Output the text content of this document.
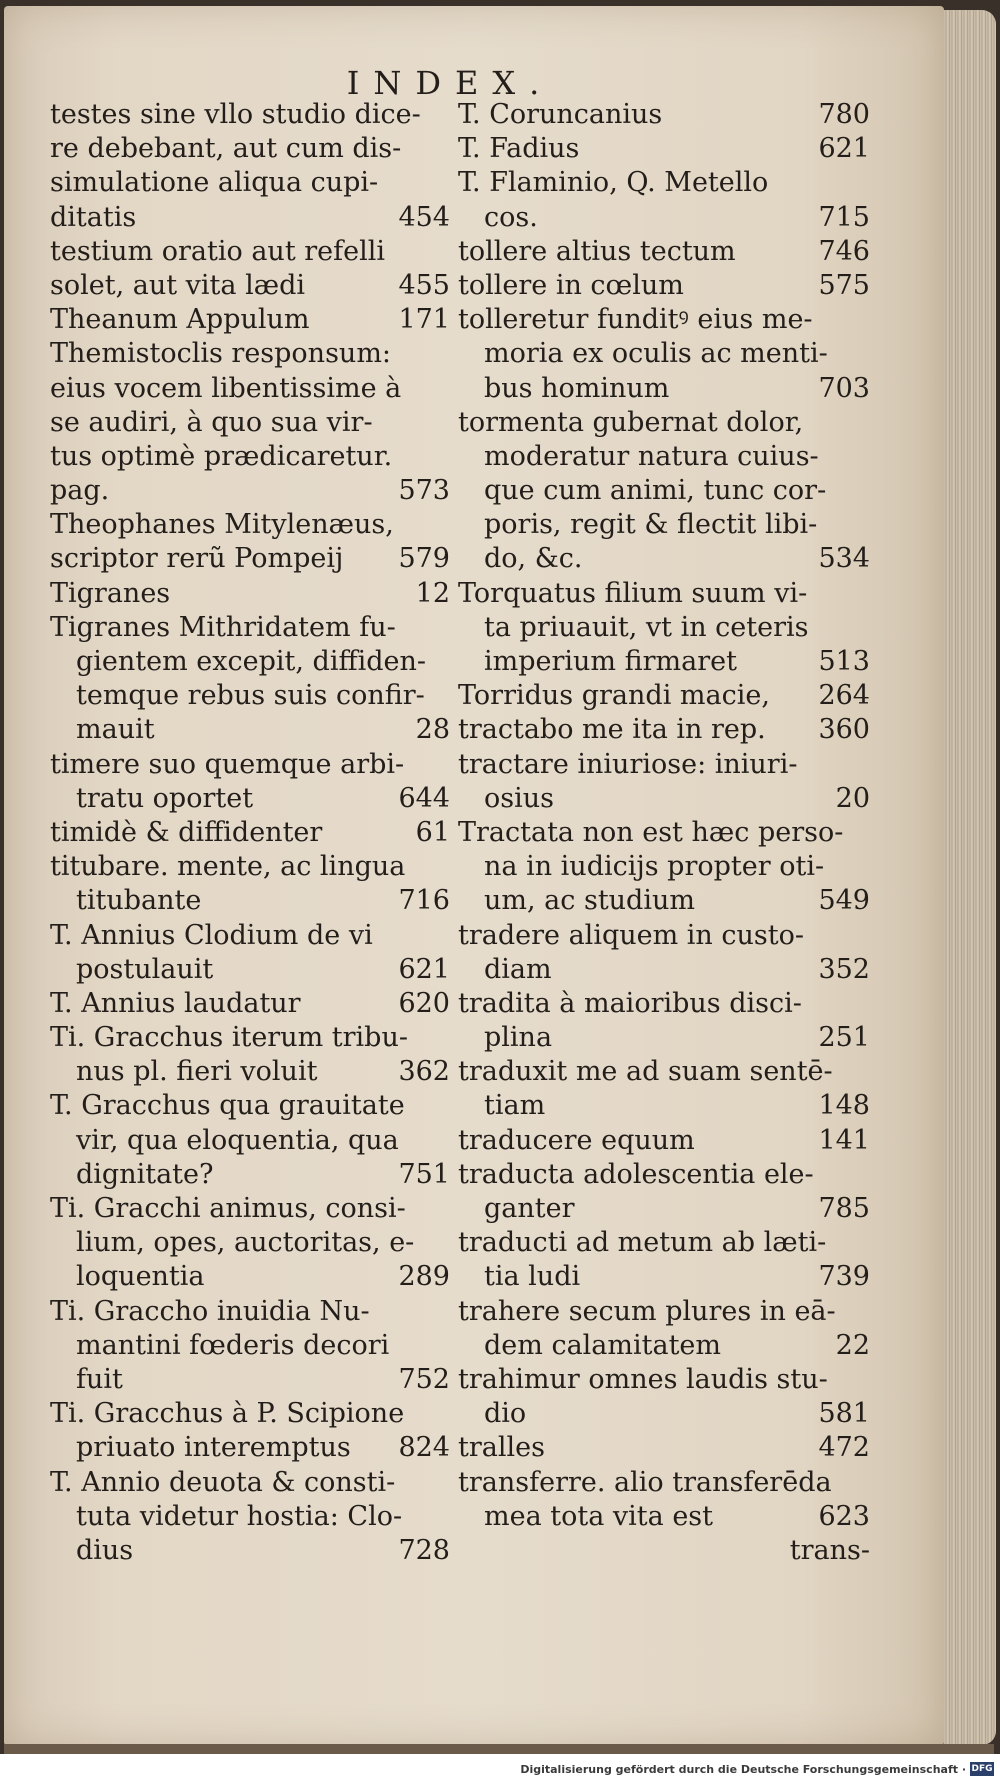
INDEX.
testes sine vllo studio dice-
re debebant, aut cum dis-
simulatione aliqua cupi-
ditatis	454
testium oratio aut refelli
solet, aut vita lædi	455
Theanum Appulum	171
Themistoclis responsum:
eius vocem libentissime à
se audiri, à quo sua vir-
tus optimè prædicaretur.
pag.	573
Theophanes Mitylenæus,
scriptor rerũ Pompeij 579
Tigranes	12
Tigranes Mithridatem fu-
gientem excepit, diffiden-
temque rebus suis confir-
mauit	28
timere suo quemque arbi-
tratu oportet	644
timidè & diffidenter	61
titubare. mente, ac lingua
titubante	716
T. Annius Clodium de vi
postulauit	621
T. Annius laudatur	620
Ti. Gracchus iterum tribu-
nus pl. fieri voluit	362
T. Gracchus qua grauitate
vir, qua eloquentia, qua
dignitate?	751
Ti. Gracchi animus, consi-
lium, opes, auctoritas, e-
loquentia	289
Ti. Graccho inuidia Nu-
mantini fœderis decori
fuit	752
Ti. Gracchus à P. Scipione
priuato interemptus 824
T. Annio deuota & consti-
tuta videtur hostia: Clo-
dius	728
T. Coruncanius	780
T. Fadius	621
T. Flaminio, Q. Metello
cos.	715
tollere altius tectum	746
tollere in cœlum	575
tolleretur funditꝰ eius me-
moria ex oculis ac menti-
bus hominum	703
tormenta gubernat dolor,
moderatur natura cuius-
que cum animi, tunc cor-
poris, regit & flectit libi-
do, &c.	534
Torquatus filium suum vi-
ta priuauit, vt in ceteris
imperium firmaret	513
Torridus grandi macie, 264
tractabo me ita in rep. 360
tractare iniuriose: iniuri-
osius	20
Tractata non est hæc perso-
na in iudicijs propter oti-
um, ac studium	549
tradere aliquem in custo-
diam	352
tradita à maioribus disci-
plina	251
traduxit me ad suam sentē-
tiam	148
traducere equum	141
traducta adolescentia ele-
ganter	785
traducti ad metum ab læti-
tia ludi	739
trahere secum plures in eā-
dem calamitatem	22
trahimur omnes laudis stu-
dio	581
tralles	472
transferre. alio transferēda
mea tota vita est	623
trans-
Digitalisierung gefördert durch die Deutsche Forschungsgemeinschaft · DFG
